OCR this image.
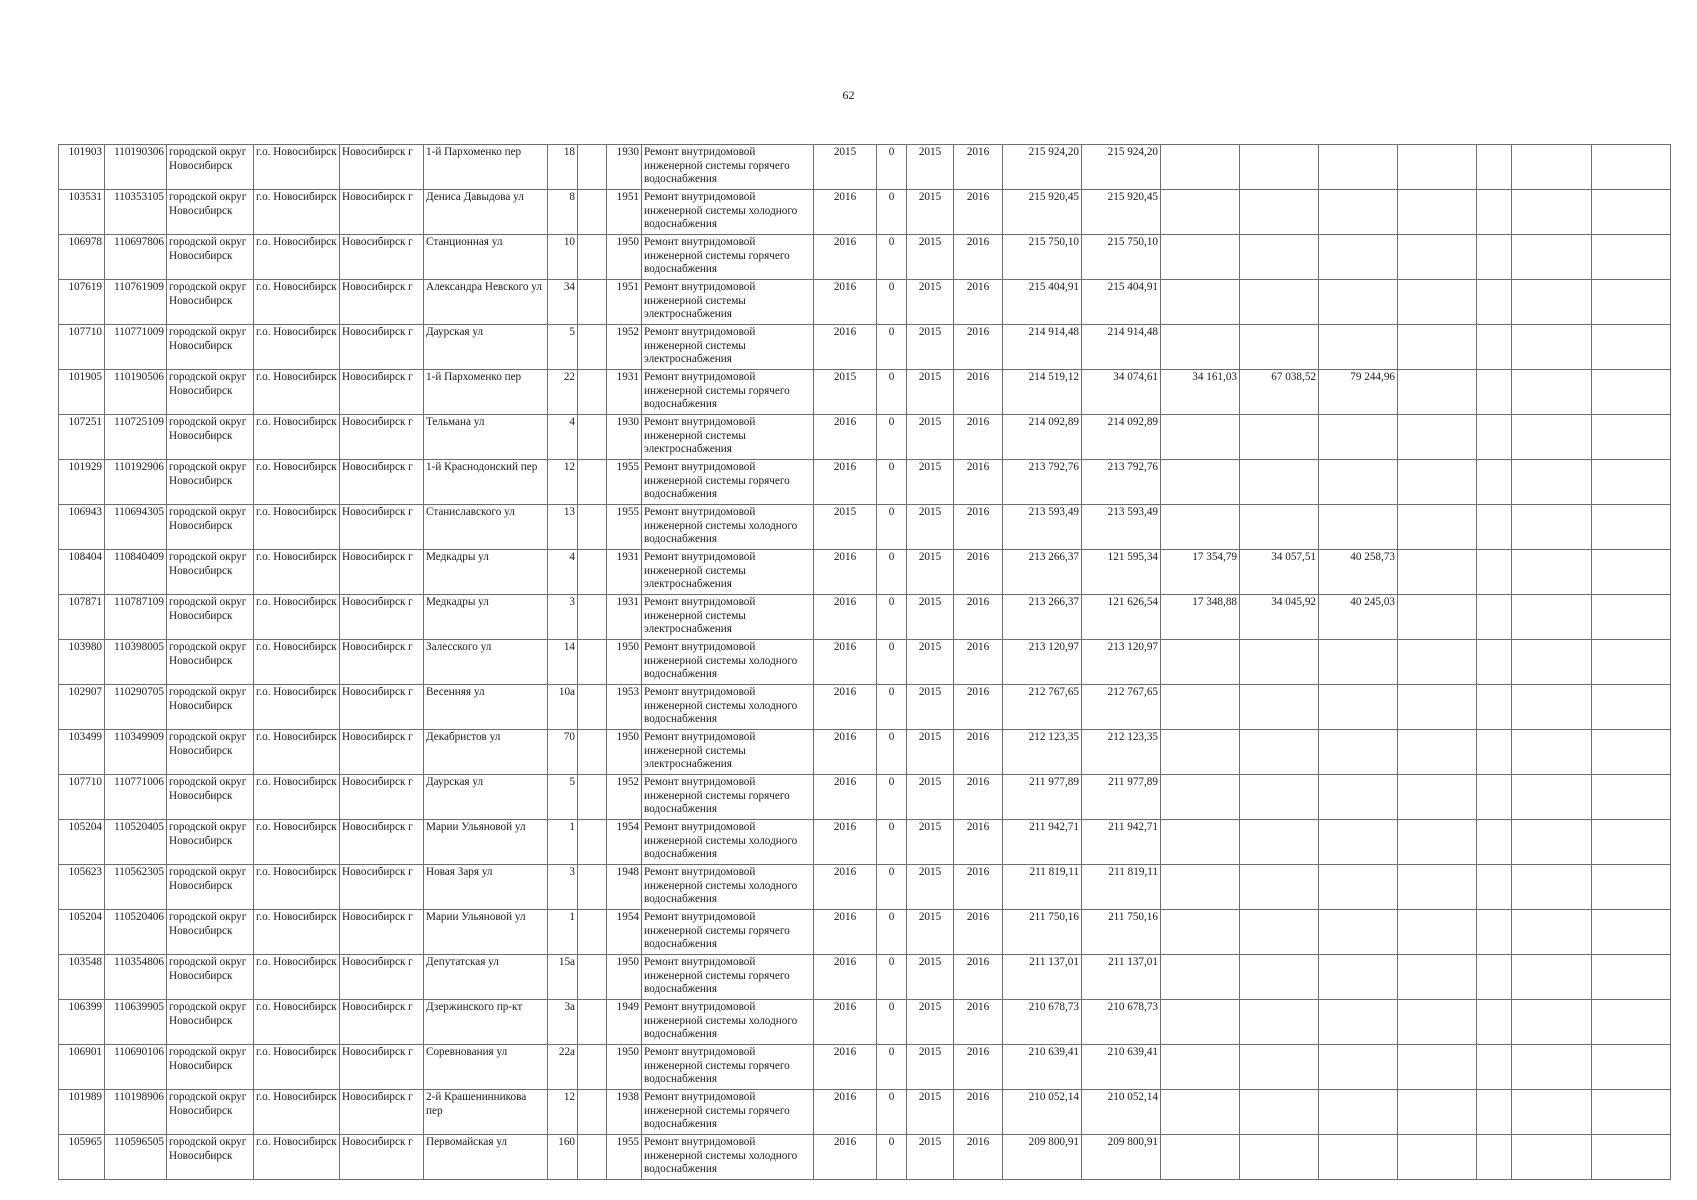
62
101903	110190306	городской округ Новосибирск	г.о. Новосибирск	Новосибирск г	1-й Пархоменко пер	18		1930	Ремонт внутридомовой инженерной системы горячего водоснабжения	2015	0	2015	2016	215 924,20	215 924,20							
103531	110353105	городской округ Новосибирск	г.о. Новосибирск	Новосибирск г	Дениса Давыдова ул	8		1951	Ремонт внутридомовой инженерной системы холодного водоснабжения	2016	0	2015	2016	215 920,45	215 920,45							
106978	110697806	городской округ Новосибирск	г.о. Новосибирск	Новосибирск г	Станционная ул	10		1950	Ремонт внутридомовой инженерной системы горячего водоснабжения	2016	0	2015	2016	215 750,10	215 750,10							
107619	110761909	городской округ Новосибирск	г.о. Новосибирск	Новосибирск г	Александра Невского ул	34		1951	Ремонт внутридомовой инженерной системы электроснабжения	2016	0	2015	2016	215 404,91	215 404,91							
107710	110771009	городской округ Новосибирск	г.о. Новосибирск	Новосибирск г	Даурская ул	5		1952	Ремонт внутридомовой инженерной системы электроснабжения	2016	0	2015	2016	214 914,48	214 914,48							
101905	110190506	городской округ Новосибирск	г.о. Новосибирск	Новосибирск г	1-й Пархоменко пер	22		1931	Ремонт внутридомовой инженерной системы горячего водоснабжения	2015	0	2015	2016	214 519,12	34 074,61	34 161,03	67 038,52	79 244,96				
107251	110725109	городской округ Новосибирск	г.о. Новосибирск	Новосибирск г	Тельмана ул	4		1930	Ремонт внутридомовой инженерной системы электроснабжения	2016	0	2015	2016	214 092,89	214 092,89							
101929	110192906	городской округ Новосибирск	г.о. Новосибирск	Новосибирск г	1-й Краснодонский пер	12		1955	Ремонт внутридомовой инженерной системы горячего водоснабжения	2016	0	2015	2016	213 792,76	213 792,76							
106943	110694305	городской округ Новосибирск	г.о. Новосибирск	Новосибирск г	Станиславского ул	13		1955	Ремонт внутридомовой инженерной системы холодного водоснабжения	2015	0	2015	2016	213 593,49	213 593,49							
108404	110840409	городской округ Новосибирск	г.о. Новосибирск	Новосибирск г	Медкадры ул	4		1931	Ремонт внутридомовой инженерной системы электроснабжения	2016	0	2015	2016	213 266,37	121 595,34	17 354,79	34 057,51	40 258,73				
107871	110787109	городской округ Новосибирск	г.о. Новосибирск	Новосибирск г	Медкадры ул	3		1931	Ремонт внутридомовой инженерной системы электроснабжения	2016	0	2015	2016	213 266,37	121 626,54	17 348,88	34 045,92	40 245,03				
103980	110398005	городской округ Новосибирск	г.о. Новосибирск	Новосибирск г	Залесского ул	14		1950	Ремонт внутридомовой инженерной системы холодного водоснабжения	2016	0	2015	2016	213 120,97	213 120,97							
102907	110290705	городской округ Новосибирск	г.о. Новосибирск	Новосибирск г	Весенняя ул	10а		1953	Ремонт внутридомовой инженерной системы холодного водоснабжения	2016	0	2015	2016	212 767,65	212 767,65							
103499	110349909	городской округ Новосибирск	г.о. Новосибирск	Новосибирск г	Декабристов ул	70		1950	Ремонт внутридомовой инженерной системы электроснабжения	2016	0	2015	2016	212 123,35	212 123,35							
107710	110771006	городской округ Новосибирск	г.о. Новосибирск	Новосибирск г	Даурская ул	5		1952	Ремонт внутридомовой инженерной системы горячего водоснабжения	2016	0	2015	2016	211 977,89	211 977,89							
105204	110520405	городской округ Новосибирск	г.о. Новосибирск	Новосибирск г	Марии Ульяновой ул	1		1954	Ремонт внутридомовой инженерной системы холодного водоснабжения	2016	0	2015	2016	211 942,71	211 942,71							
105623	110562305	городской округ Новосибирск	г.о. Новосибирск	Новосибирск г	Новая Заря ул	3		1948	Ремонт внутридомовой инженерной системы холодного водоснабжения	2016	0	2015	2016	211 819,11	211 819,11							
105204	110520406	городской округ Новосибирск	г.о. Новосибирск	Новосибирск г	Марии Ульяновой ул	1		1954	Ремонт внутридомовой инженерной системы горячего водоснабжения	2016	0	2015	2016	211 750,16	211 750,16							
103548	110354806	городской округ Новосибирск	г.о. Новосибирск	Новосибирск г	Депутатская ул	15а		1950	Ремонт внутридомовой инженерной системы горячего водоснабжения	2016	0	2015	2016	211 137,01	211 137,01							
106399	110639905	городской округ Новосибирск	г.о. Новосибирск	Новосибирск г	Дзержинского пр-кт	3а		1949	Ремонт внутридомовой инженерной системы холодного водоснабжения	2016	0	2015	2016	210 678,73	210 678,73							
106901	110690106	городской округ Новосибирск	г.о. Новосибирск	Новосибирск г	Соревнования ул	22а		1950	Ремонт внутридомовой инженерной системы горячего водоснабжения	2016	0	2015	2016	210 639,41	210 639,41							
101989	110198906	городской округ Новосибирск	г.о. Новосибирск	Новосибирск г	2-й Крашенинникова пер	12		1938	Ремонт внутридомовой инженерной системы горячего водоснабжения	2016	0	2015	2016	210 052,14	210 052,14							
105965	110596505	городской округ Новосибирск	г.о. Новосибирск	Новосибирск г	Первомайская ул	160		1955	Ремонт внутридомовой инженерной системы холодного водоснабжения	2016	0	2015	2016	209 800,91	209 800,91							
